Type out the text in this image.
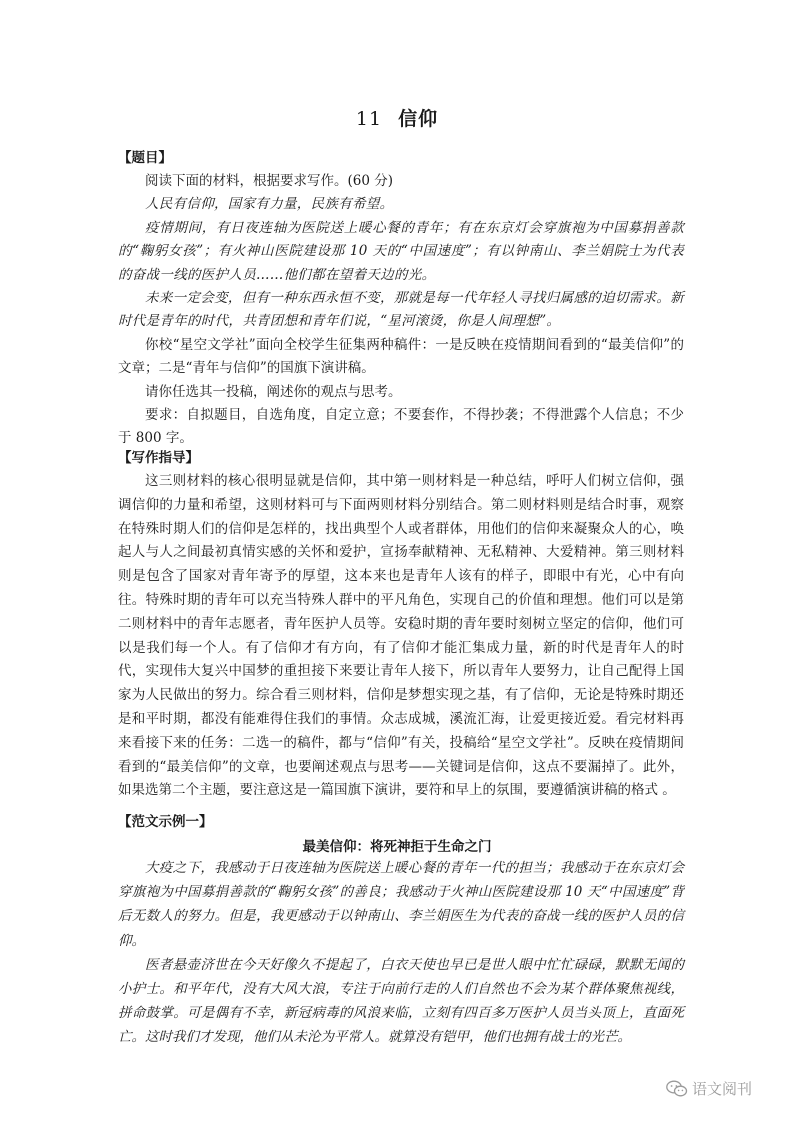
11 信仰
【题目】

阅读下面的材料，根据要求写作。(60 分)

人民有信仰，国家有力量，民族有希望。

疫情期间，有日夜连轴为医院送上暖心餐的青年；有在东京灯会穿旗袍为中国募捐善款的“鞠躬女孩”；有火神山医院建设那 10 天的“中国速度”；有以钟南山、李兰娟院士为代表的奋战一线的医护人员……他们都在望着天边的光。

未来一定会变，但有一种东西永恒不变，那就是每一代年轻人寻找归属感的迫切需求。新时代是青年的时代，共青团想和青年们说，“星河滚烫，你是人间理想”。

你校“星空文学社”面向全校学生征集两种稿件：一是反映在疫情期间看到的“最美信仰”的文章；二是“青年与信仰”的国旗下演讲稿。

请你任选其一投稿，阐述你的观点与思考。

要求：自拟题目，自选角度，自定立意；不要套作，不得抄袭；不得泄露个人信息；不少于 800 字。

【写作指导】

这三则材料的核心很明显就是信仰，其中第一则材料是一种总结，呼吁人们树立信仰，强调信仰的力量和希望，这则材料可与下面两则材料分别结合。第二则材料则是结合时事，观察在特殊时期人们的信仰是怎样的，找出典型个人或者群体，用他们的信仰来凝聚众人的心，唤起人与人之间最初真情实感的关怀和爱护，宣扬奉献精神、无私精神、大爱精神。第三则材料则是包含了国家对青年寄予的厚望，这本来也是青年人该有的样子，即眼中有光，心中有向往。特殊时期的青年可以充当特殊人群中的平凡角色，实现自己的价值和理想。他们可以是第二则材料中的青年志愿者，青年医护人员等。安稳时期的青年要时刻树立坚定的信仰，他们可以是我们每一个人。有了信仰才有方向，有了信仰才能汇集成力量，新的时代是青年人的时代，实现伟大复兴中国梦的重担接下来要让青年人接下，所以青年人要努力，让自己配得上国家为人民做出的努力。综合看三则材料，信仰是梦想实现之基，有了信仰，无论是特殊时期还是和平时期，都没有能难得住我们的事情。众志成城，溪流汇海，让爱更接近爱。看完材料再来看接下来的任务：二选一的稿件，都与“信仰”有关，投稿给“星空文学社”。反映在疫情期间看到的“最美信仰”的文章，也要阐述观点与思考——关键词是信仰，这点不要漏掉了。此外，如果选第二个主题，要注意这是一篇国旗下演讲，要符和早上的氛围，要遵循演讲稿的格式 。

【范文示例一】
最美信仰：将死神拒于生命之门

大疫之下，我感动于日夜连轴为医院送上暖心餐的青年一代的担当；我感动于在东京灯会穿旗袍为中国募捐善款的“鞠躬女孩”的善良；我感动于火神山医院建设那 10 天“中国速度”背后无数人的努力。但是，我更感动于以钟南山、李兰娟医生为代表的奋战一线的医护人员的信仰。

医者悬壶济世在今天好像久不提起了，白衣天使也早已是世人眼中忙忙碌碌，默默无闻的小护士。和平年代，没有大风大浪，专注于向前行走的人们自然也不会为某个群体聚焦视线，拼命鼓掌。可是偶有不幸，新冠病毒的风浪来临，立刻有四百多万医护人员当头顶上，直面死亡。这时我们才发现，他们从未沦为平常人。就算没有铠甲，他们也拥有战士的光芒。

语文阅刊
